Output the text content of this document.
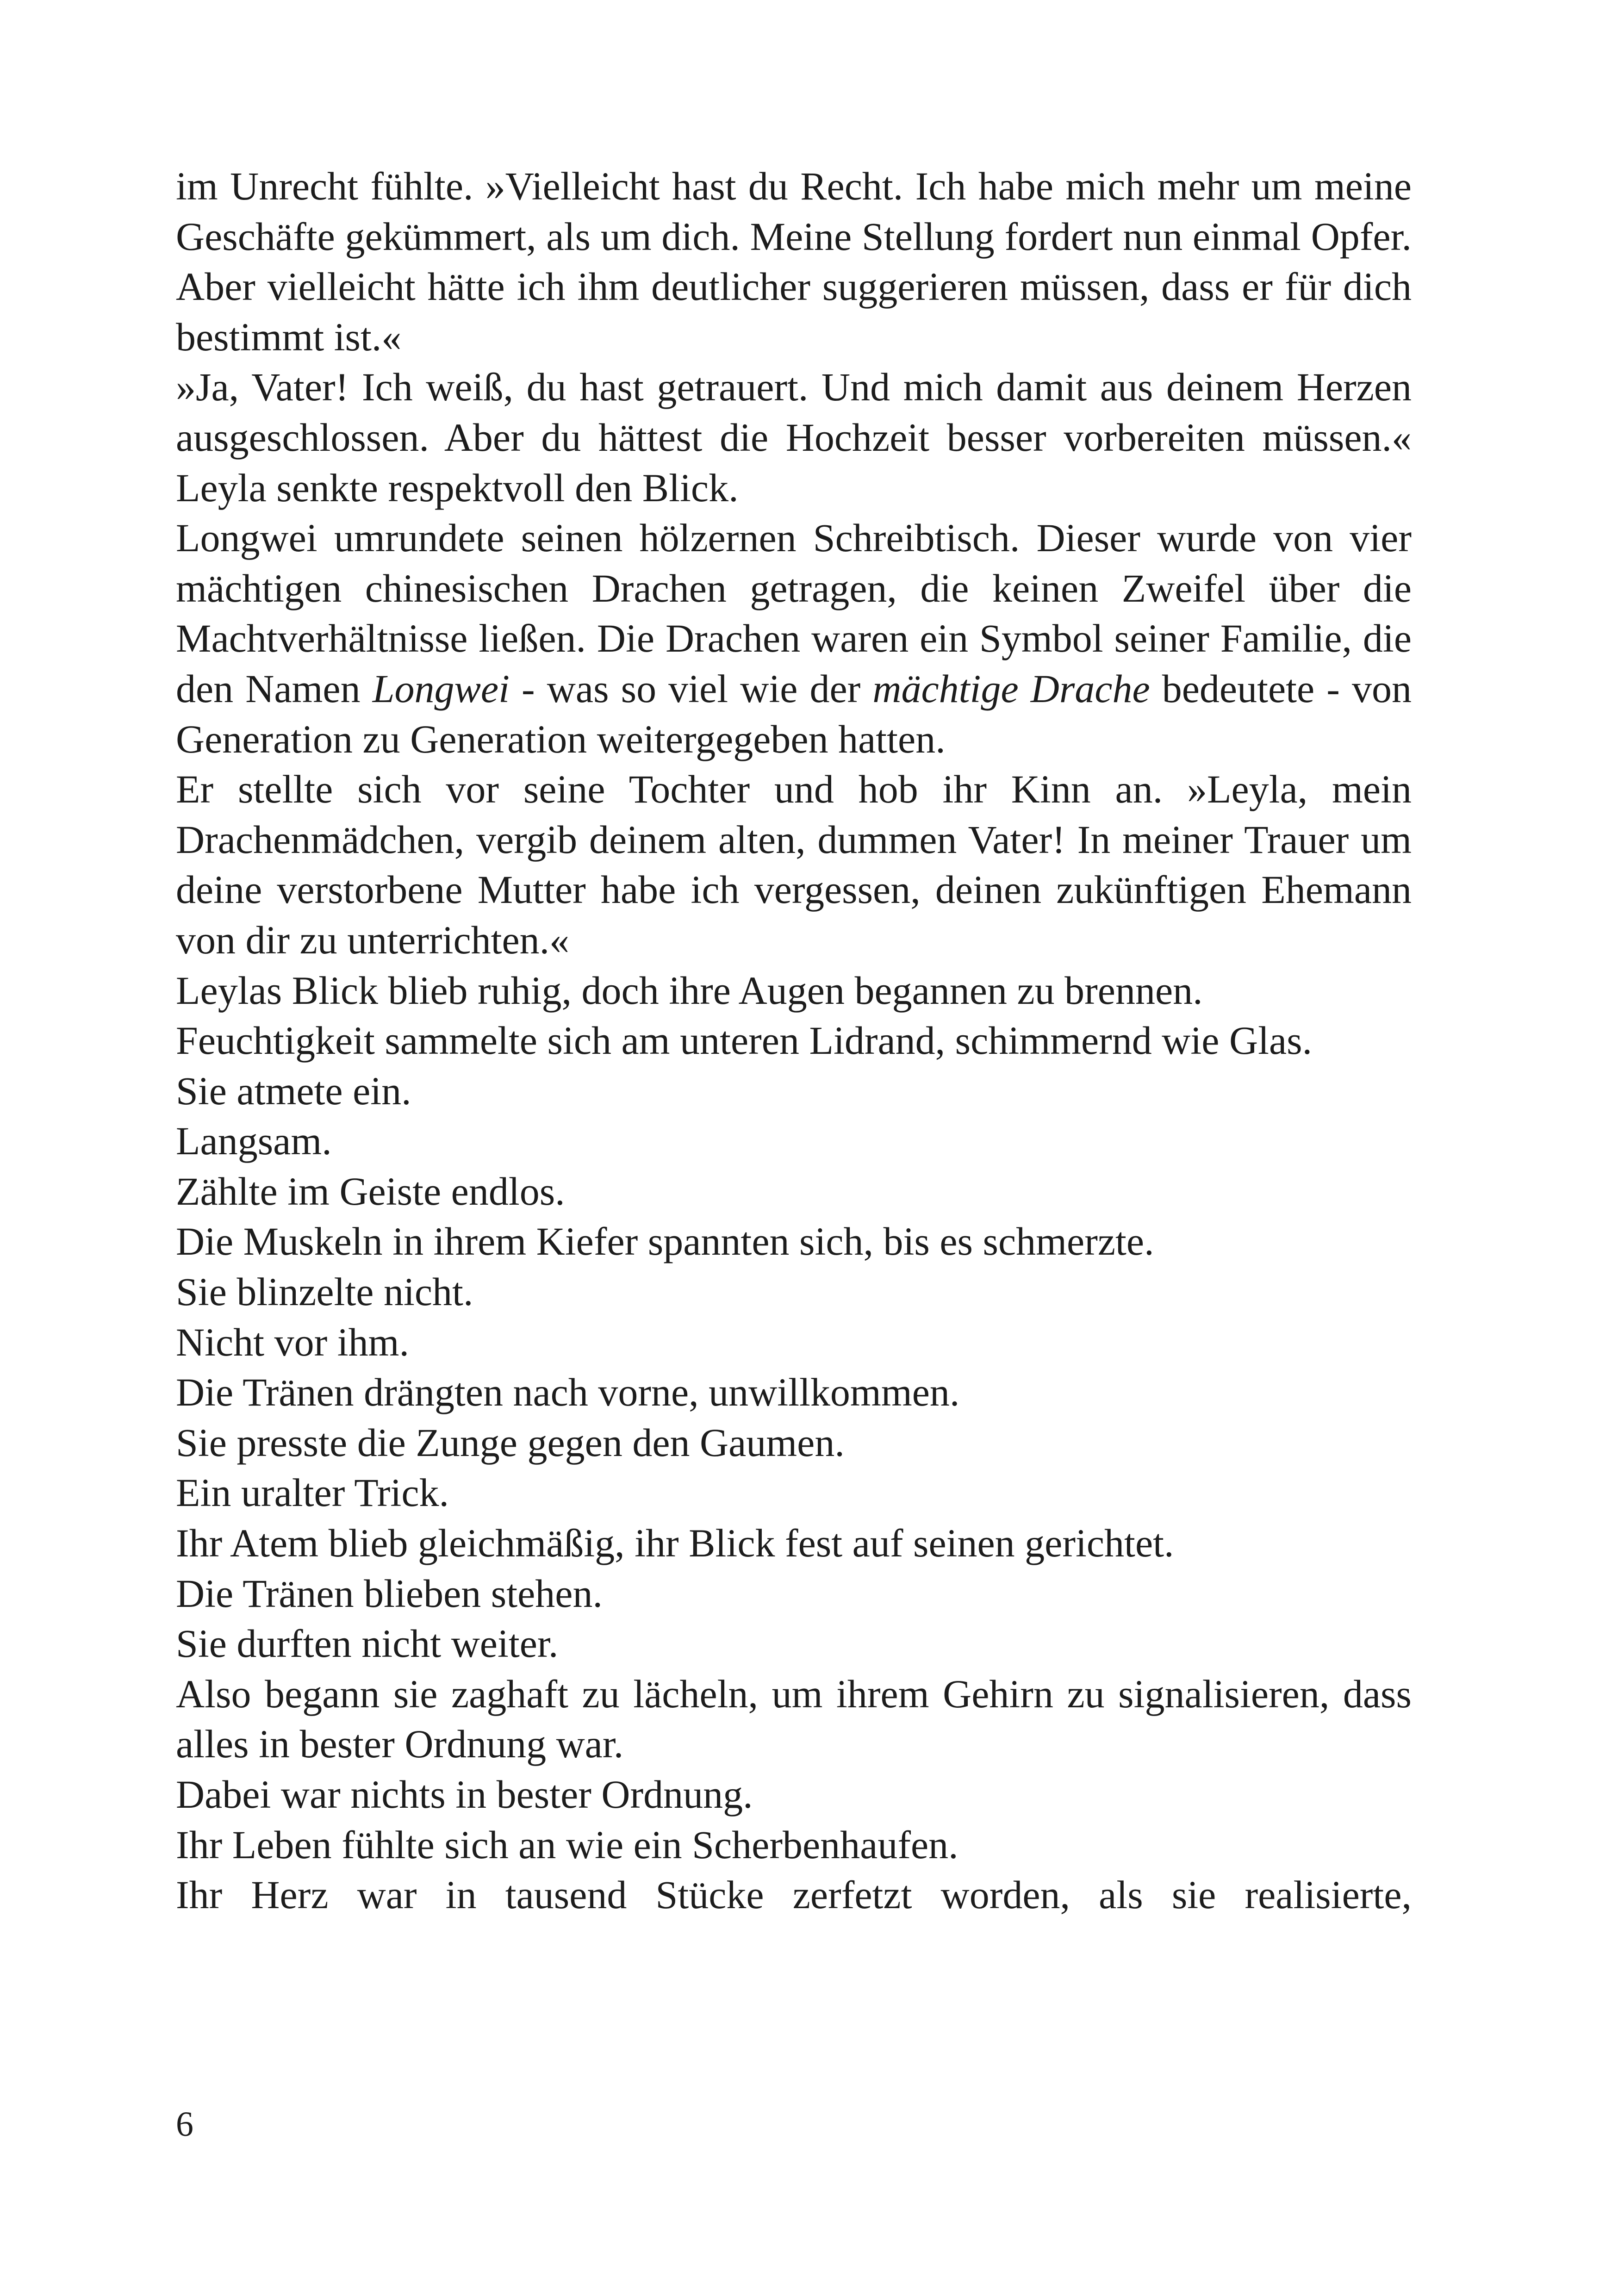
im Unrecht fühlte. »Vielleicht hast du Recht. Ich habe mich mehr um meine Geschäfte gekümmert, als um dich. Meine Stellung fordert nun einmal Opfer. Aber vielleicht hätte ich ihm deutlicher suggerieren müssen, dass er für dich bestimmt ist.«

»Ja, Vater! Ich weiß, du hast getrauert. Und mich damit aus deinem Herzen ausgeschlossen. Aber du hättest die Hochzeit besser vorbereiten müssen.« Leyla senkte respektvoll den Blick.

Longwei umrundete seinen hölzernen Schreibtisch. Dieser wurde von vier mächtigen chinesischen Drachen getragen, die keinen Zweifel über die Machtverhältnisse ließen. Die Drachen waren ein Symbol seiner Familie, die den Namen Longwei - was so viel wie der mächtige Drache bedeutete - von Generation zu Generation weitergegeben hatten.

Er stellte sich vor seine Tochter und hob ihr Kinn an. »Leyla, mein Drachenmädchen, vergib deinem alten, dummen Vater! In meiner Trauer um deine verstorbene Mutter habe ich vergessen, deinen zukünftigen Ehemann von dir zu unterrichten.«

Leylas Blick blieb ruhig, doch ihre Augen begannen zu brennen.

Feuchtigkeit sammelte sich am unteren Lidrand, schimmernd wie Glas.

Sie atmete ein.

Langsam.

Zählte im Geiste endlos.

Die Muskeln in ihrem Kiefer spannten sich, bis es schmerzte.

Sie blinzelte nicht.

Nicht vor ihm.

Die Tränen drängten nach vorne, unwillkommen.

Sie presste die Zunge gegen den Gaumen.

Ein uralter Trick.

Ihr Atem blieb gleichmäßig, ihr Blick fest auf seinen gerichtet.

Die Tränen blieben stehen.

Sie durften nicht weiter.

Also begann sie zaghaft zu lächeln, um ihrem Gehirn zu signalisieren, dass alles in bester Ordnung war.

Dabei war nichts in bester Ordnung.

Ihr Leben fühlte sich an wie ein Scherbenhaufen.

Ihr Herz war in tausend Stücke zerfetzt worden, als sie realisierte,

6
